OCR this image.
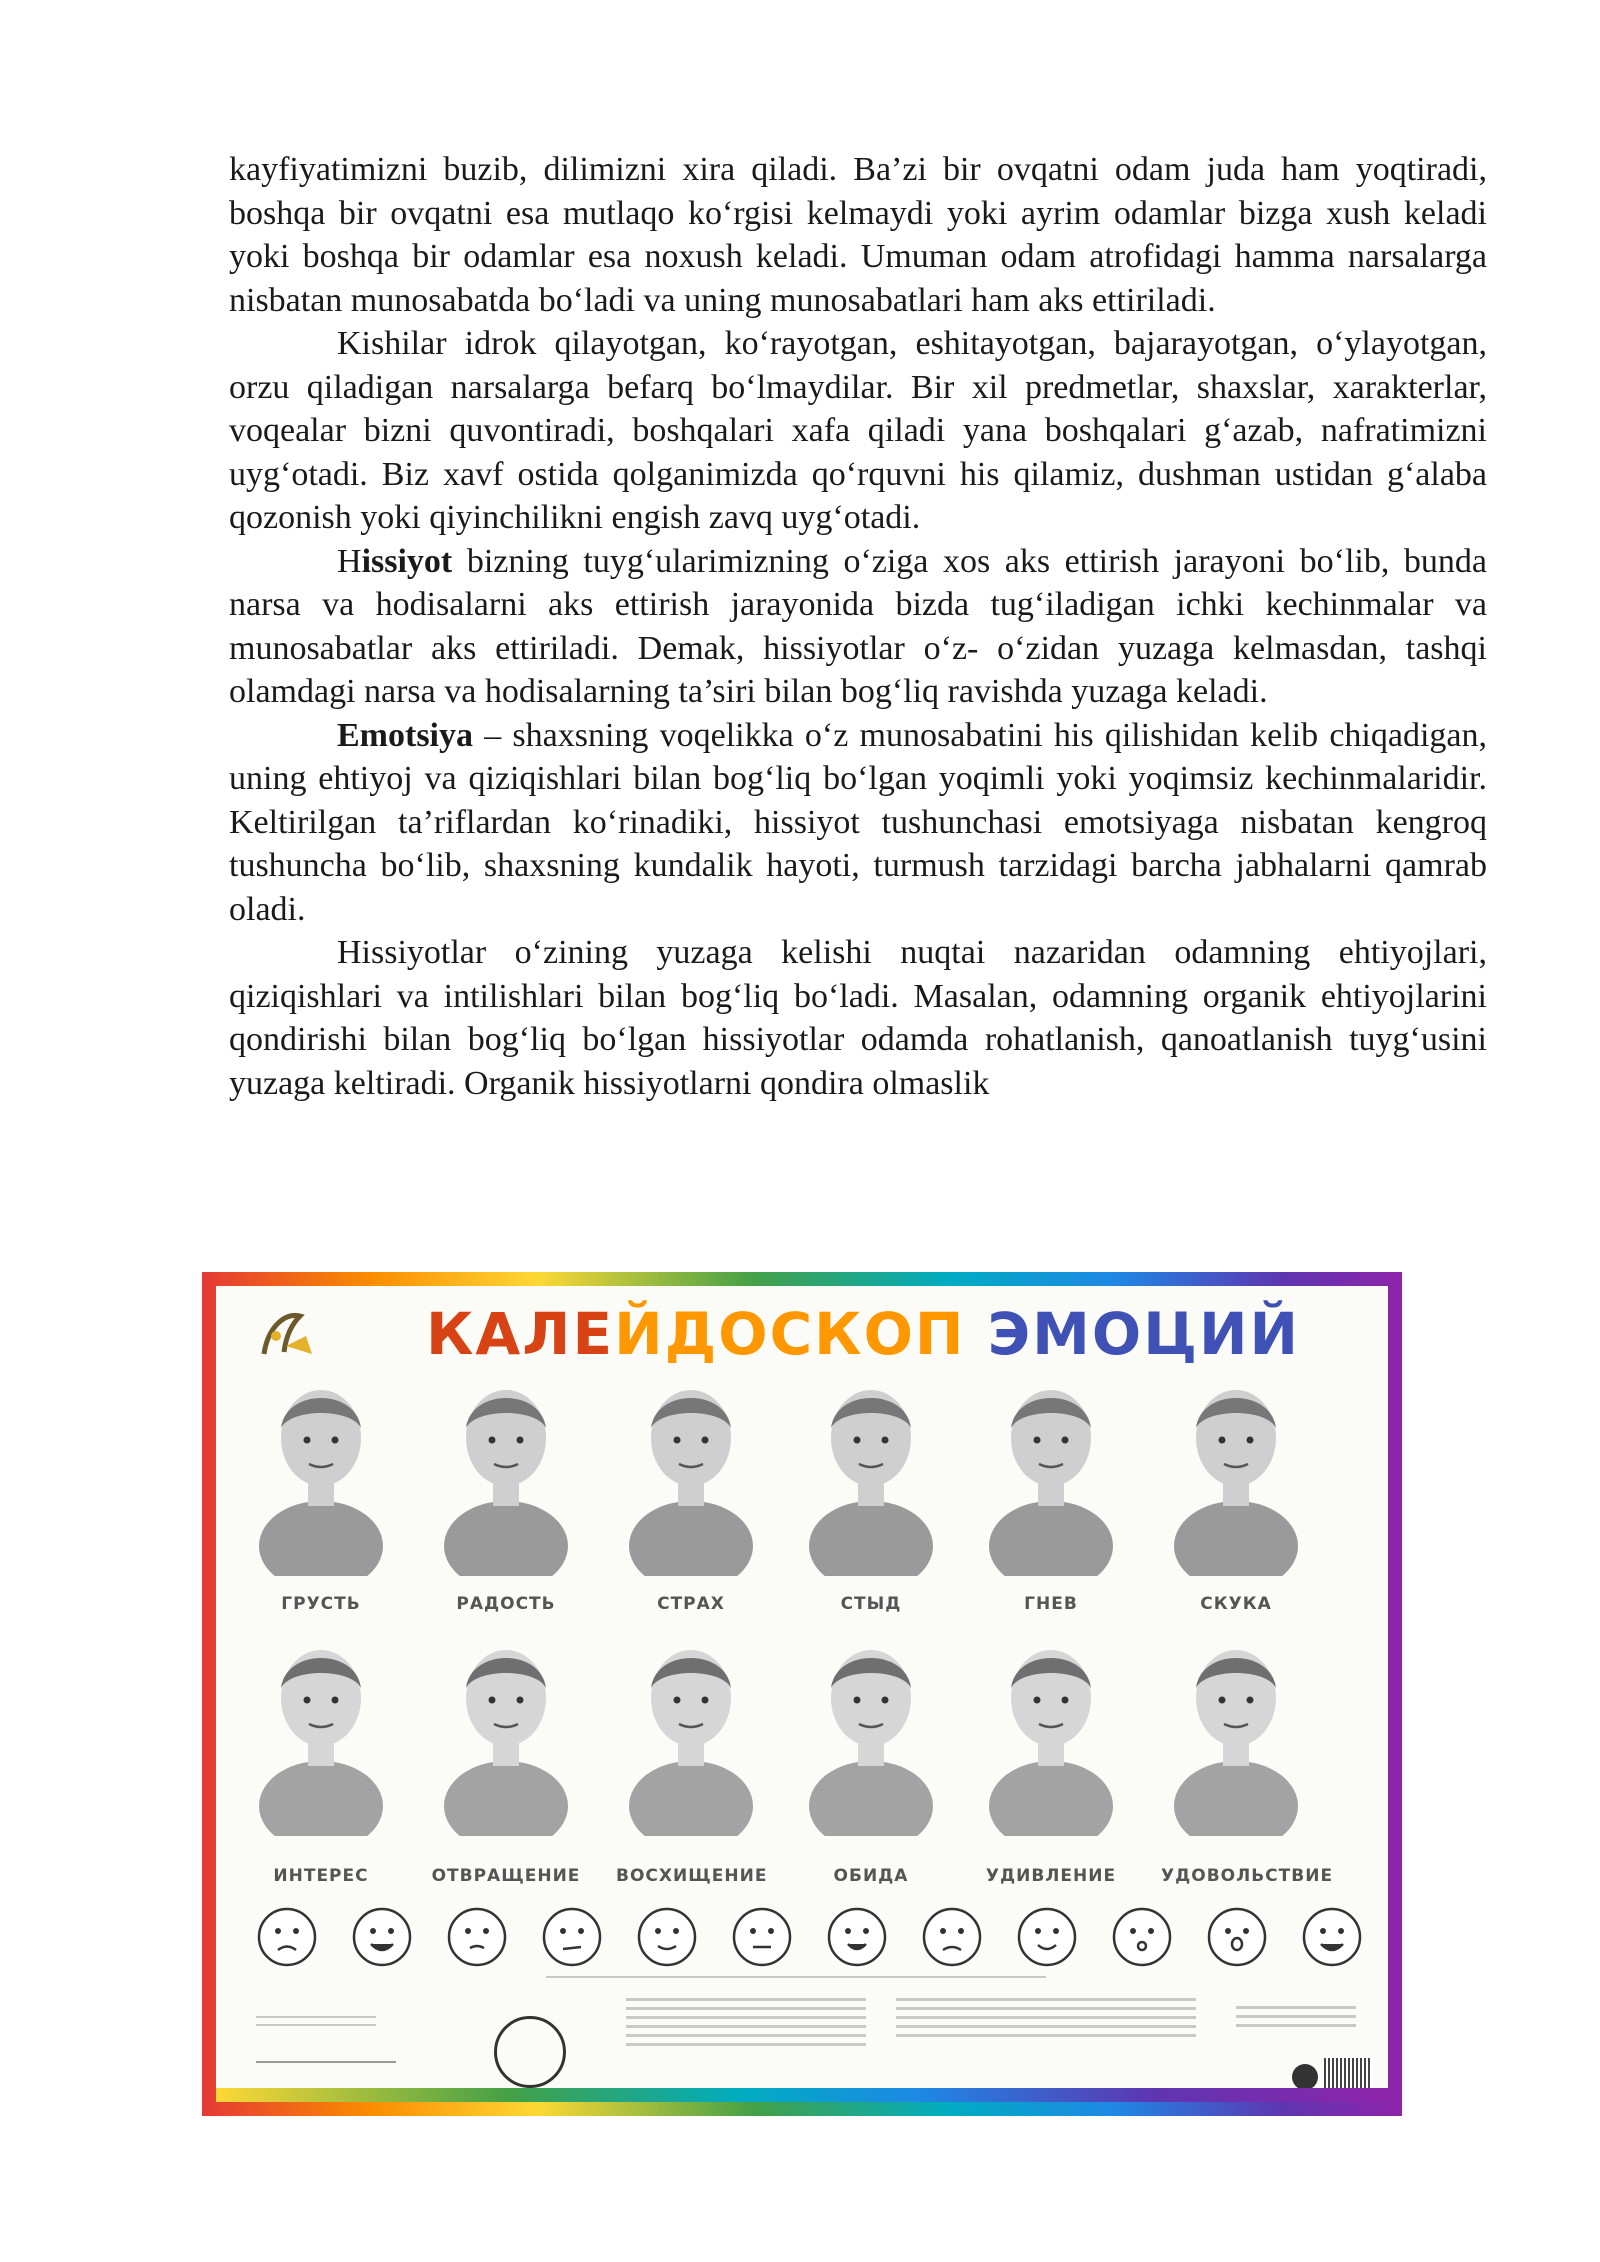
kayfiyatimizni buzib, dilimizni xira qiladi. Ba’zi bir ovqatni odam juda ham yoqtiradi, boshqa bir ovqatni esa mutlaqo ko‘rgisi kelmaydi yoki ayrim odamlar bizga xush keladi yoki boshqa bir odamlar esa noxush keladi. Umuman odam atrofidagi hamma narsalarga nisbatan munosabatda bo‘ladi va uning munosabatlari ham aks ettiriladi.

Kishilar idrok qilayotgan, ko‘rayotgan, eshitayotgan, bajarayotgan, o‘ylayotgan, orzu qiladigan narsalarga befarq bo‘lmaydilar. Bir xil predmetlar, shaxslar, xarakterlar, voqealar bizni quvontiradi, boshqalari xafa qiladi yana boshqalari g‘azab, nafratimizni uyg‘otadi. Biz xavf ostida qolganimizda qo‘rquvni his qilamiz, dushman ustidan g‘alaba qozonish yoki qiyinchilikni engish zavq uyg‘otadi.

Hissiyot bizning tuyg‘ularimizning o‘ziga xos aks ettirish jarayoni bo‘lib, bunda narsa va hodisalarni aks ettirish jarayonida bizda tug‘iladigan ichki kechinmalar va munosabatlar aks ettiriladi. Demak, hissiyotlar o‘z- o‘zidan yuzaga kelmasdan, tashqi olamdagi narsa va hodisalarning ta’siri bilan bog‘liq ravishda yuzaga keladi.

Emotsiya – shaxsning voqelikka o‘z munosabatini his qilishidan kelib chiqadigan, uning ehtiyoj va qiziqishlari bilan bog‘liq bo‘lgan yoqimli yoki yoqimsiz kechinmalaridir. Keltirilgan ta’riflardan ko‘rinadiki, hissiyot tushunchasi emotsiyaga nisbatan kengroq tushuncha bo‘lib, shaxsning kundalik hayoti, turmush tarzidagi barcha jabhalarni qamrab oladi.

Hissiyotlar o‘zining yuzaga kelishi nuqtai nazaridan odamning ehtiyojlari, qiziqishlari va intilishlari bilan bog‘liq bo‘ladi. Masalan, odamning organik ehtiyojlarini qondirishi bilan bog‘liq bo‘lgan hissiyotlar odamda rohatlanish, qanoatlanish tuyg‘usini yuzaga keltiradi. Organik hissiyotlarni qondira olmaslik

КАЛЕЙДОСКОП ЭМОЦИЙ
ГРУСТЬ	РАДОСТЬ	СТРАХ	СТЫД	ГНЕВ	СКУКА
ИНТЕРЕС	ОТВРАЩЕНИЕ ВОСХИЩЕНИЕ	ОБИДА	УДИВЛЕНИЕ	УДОВОЛЬСТВИЕ
